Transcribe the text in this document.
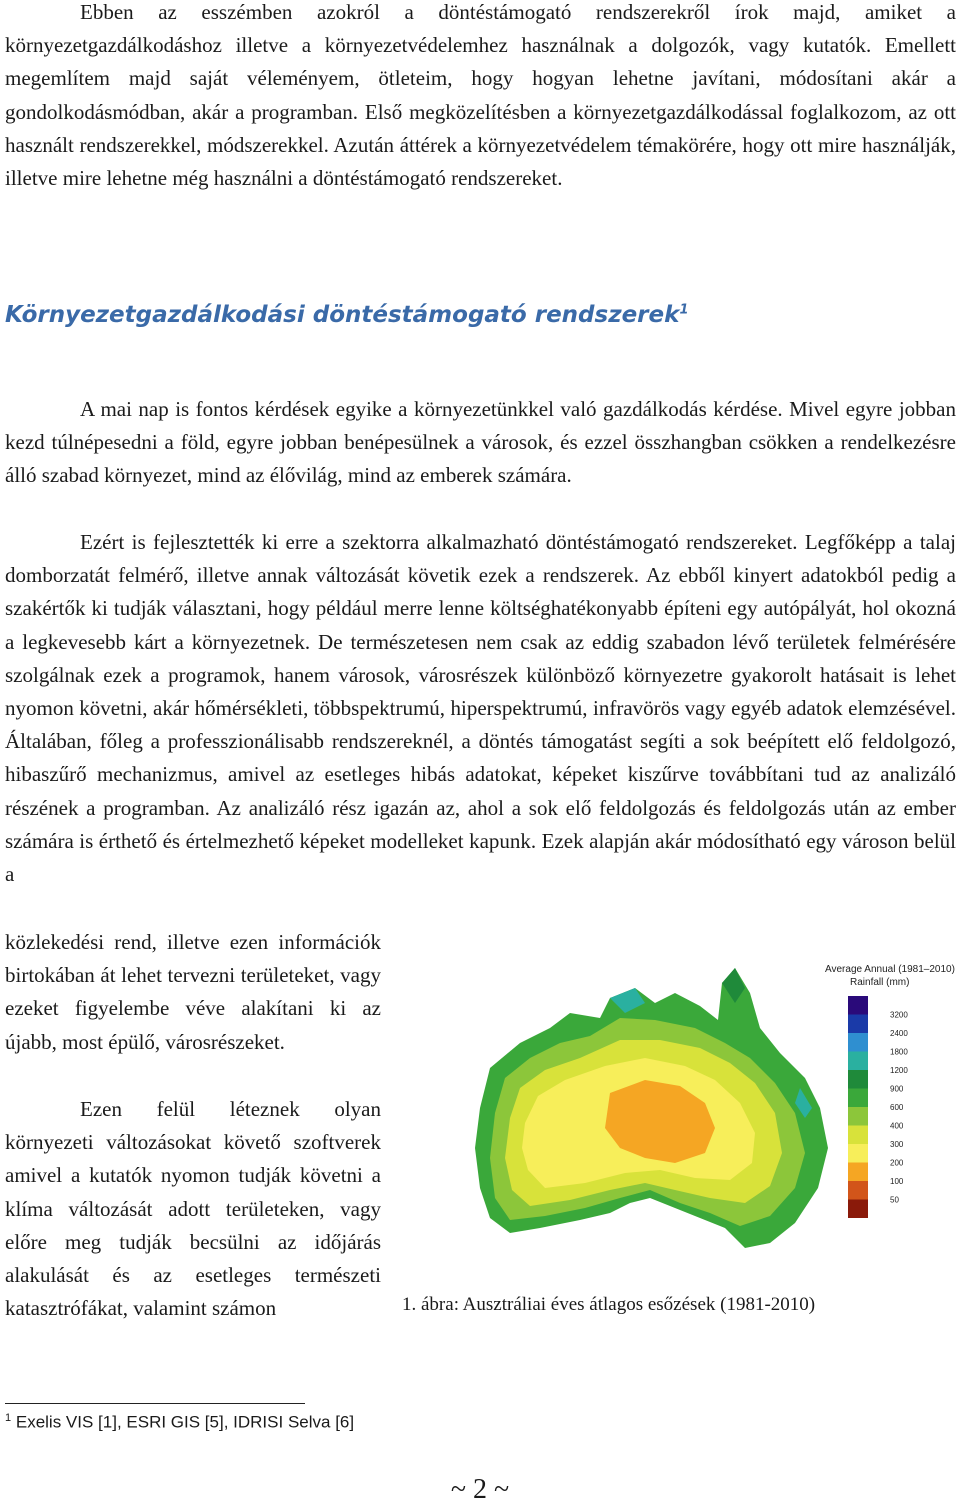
Ebben az esszémben azokról a döntéstámogató rendszerekről írok majd, amiket a környezetgazdálkodáshoz illetve a környezetvédelemhez használnak a dolgozók, vagy kutatók. Emellett megemlítem majd saját véleményem, ötleteim, hogy hogyan lehetne javítani, módosítani akár a gondolkodásmódban, akár a programban. Első megközelítésben a környezetgazdálkodással foglalkozom, az ott használt rendszerekkel, módszerekkel. Azután áttérek a környezetvédelem témakörére, hogy ott mire használják, illetve mire lehetne még használni a döntéstámogató rendszereket.

Környezetgazdálkodási döntéstámogató rendszerek$^1$

A mai nap is fontos kérdések egyike a környezetünkkel való gazdálkodás kérdése. Mivel egyre jobban kezd túlnépesedni a föld, egyre jobban benépesülnek a városok, és ezzel összhangban csökken a rendelkezésre álló szabad környezet, mind az élővilág, mind az emberek számára.

Ezért is fejlesztették ki erre a szektorra alkalmazható döntéstámogató rendszereket. Legfőképp a talaj domborzatát felmérő, illetve annak változását követik ezek a rendszerek. Az ebből kinyert adatokból pedig a szakértők ki tudják választani, hogy például merre lenne költséghatékonyabb építeni egy autópályát, hol okozná a legkevesebb kárt a környezetnek. De természetesen nem csak az eddig szabadon lévő területek felmérésére szolgálnak ezek a programok, hanem városok, városrészek különböző környezetre gyakorolt hatásait is lehet nyomon követni, akár hőmérsékleti, többspektrumú, hiperspektrumú, infravörös vagy egyéb adatok elemzésével. Általában, főleg a professzionálisabb rendszereknél, a döntés támogatást segíti a sok beépített elő feldolgozó, hibaszűrő mechanizmus, amivel az esetleges hibás adatokat, képeket kiszűrve továbbítani tud az analizáló részének a programban. Az analizáló rész igazán az, ahol a sok elő feldolgozás és feldolgozás után az ember számára is érthető és értelmezhető képeket modelleket kapunk. Ezek alapján akár módosítható egy városon belül a

közlekedési rend, illetve ezen információk birtokában át lehet tervezni területeket, vagy ezeket figyelembe véve alakítani ki az újabb, most épülő, városrészeket.

Ezen felül léteznek olyan környezeti változásokat követő szoftverek amivel a kutatók nyomon tudják követni a klíma változását adott területeken, vagy előre meg tudják becsülni az időjárás alakulását és az esetleges természeti katasztrófákat, valamint számon

Average Annual (1981–2010)
Rainfall (mm)
3200
2400
1800
1200
900
600
400
300
200
100
50

1. ábra: Ausztráliai éves átlagos esőzések (1981-2010)

$^1$ Exelis VIS [1], ESRI GIS [5], IDRISI Selva [6]

~ 2 ~
